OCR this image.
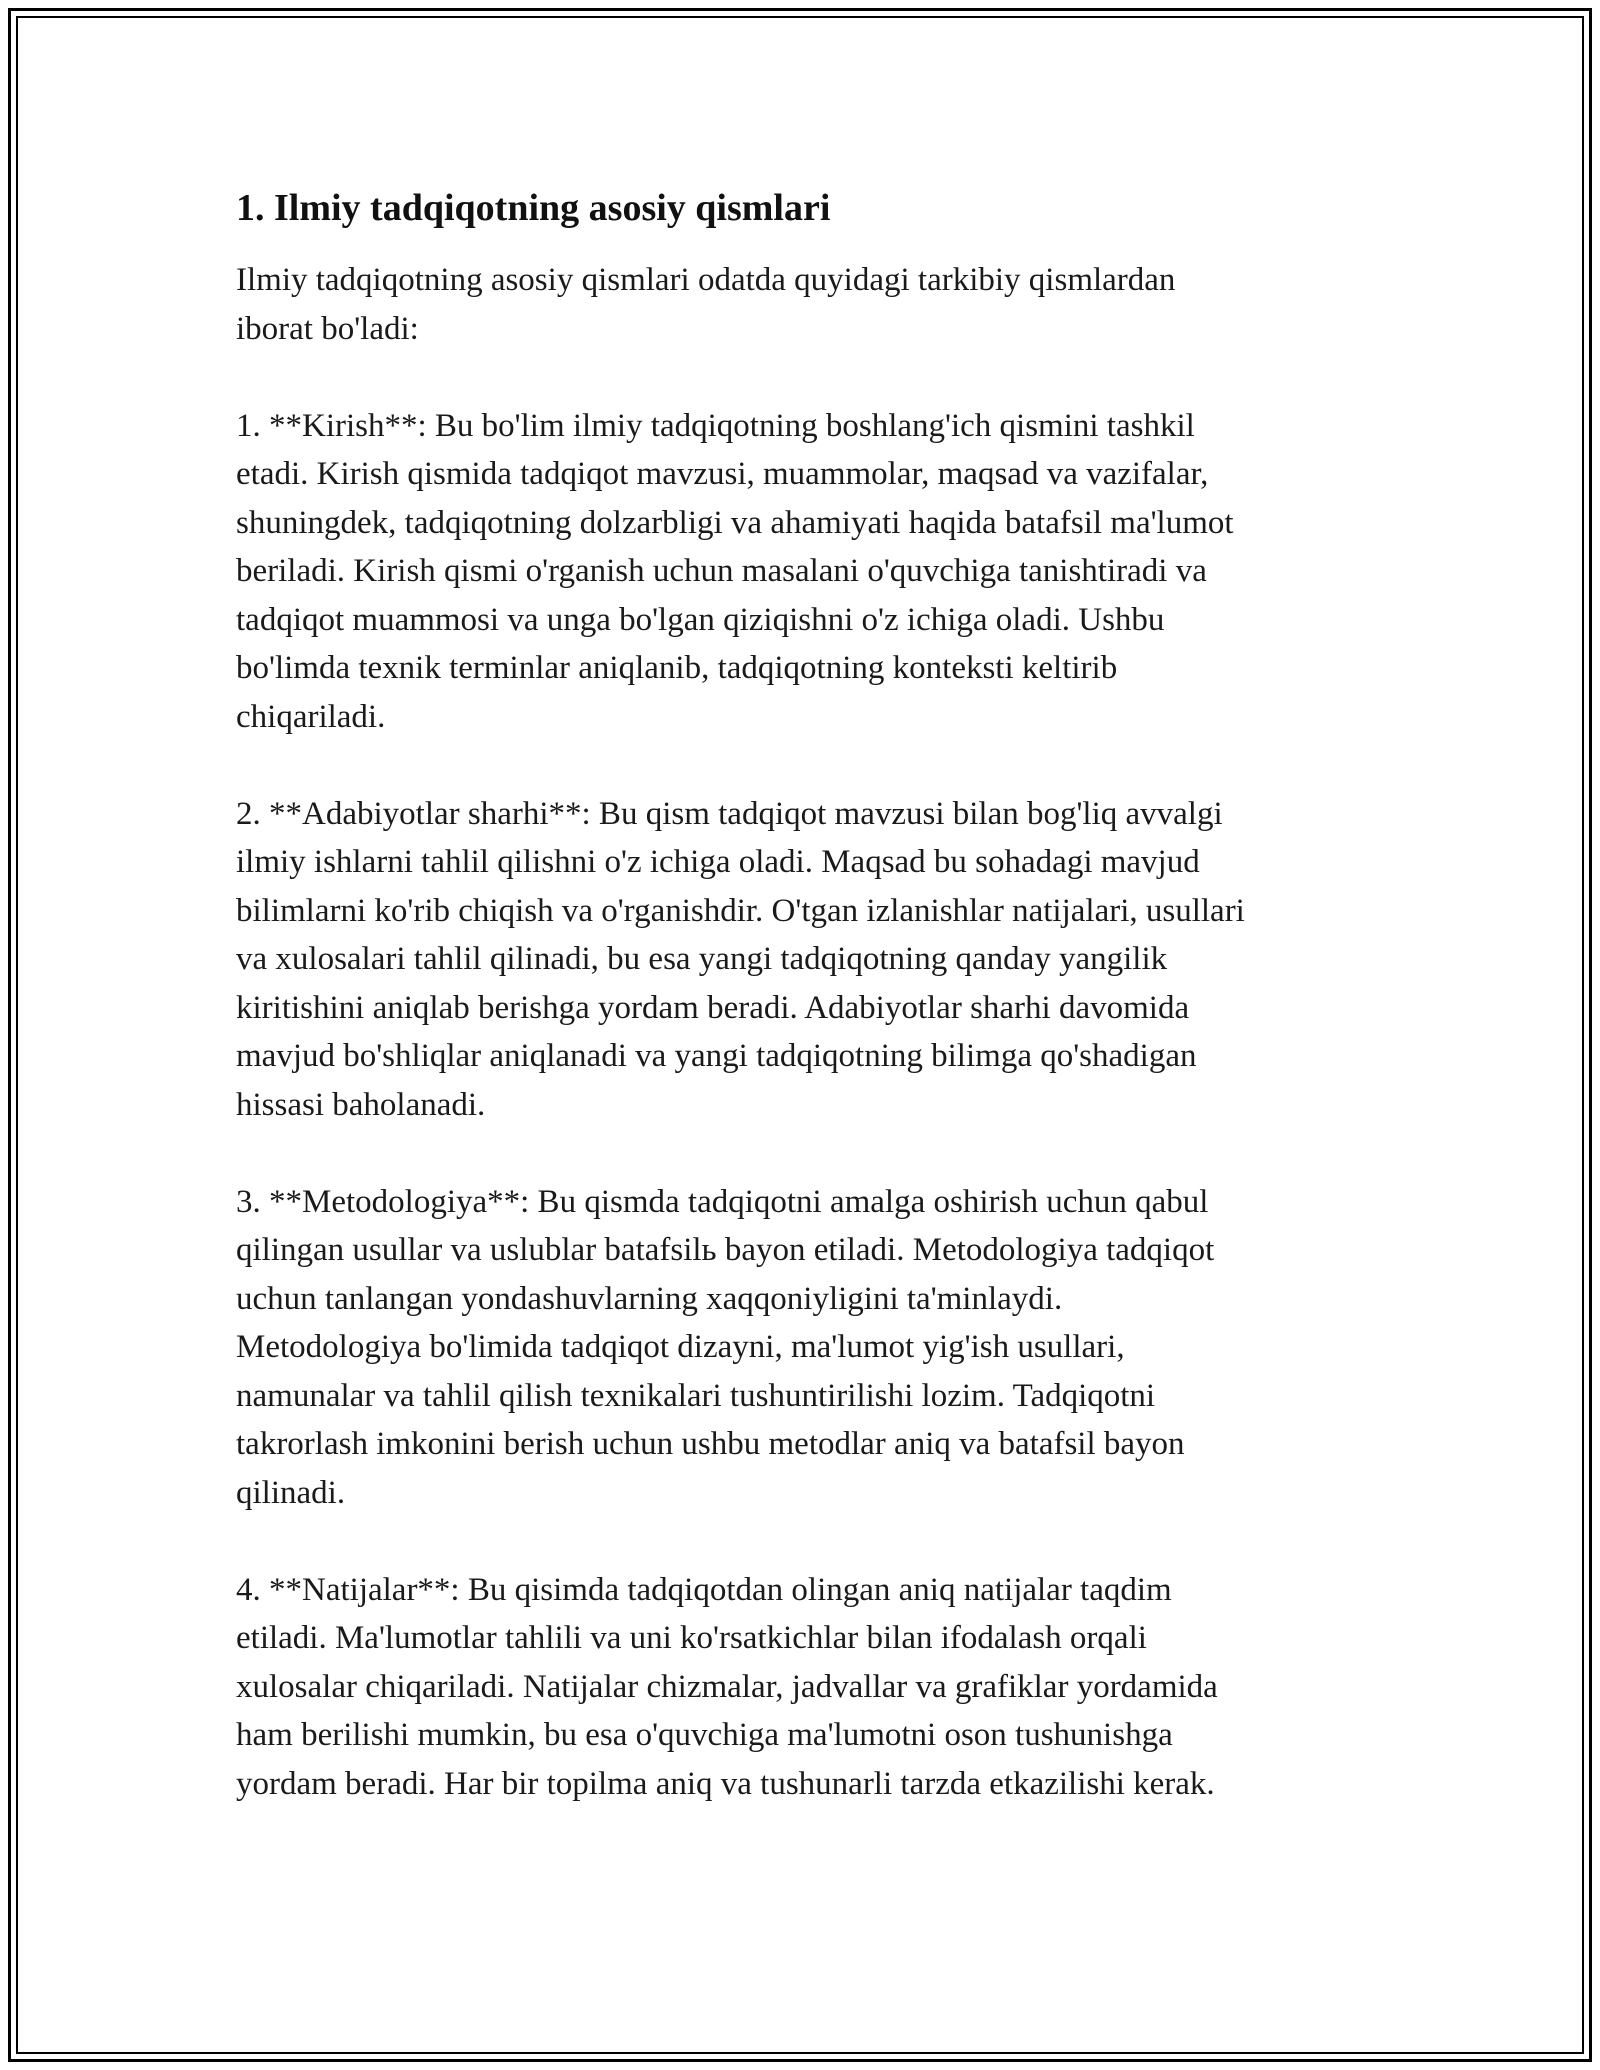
1. Ilmiy tadqiqotning asosiy qismlari

Ilmiy tadqiqotning asosiy qismlari odatda quyidagi tarkibiy qismlardan
iborat bo'ladi:

1. **Kirish**: Bu bo'lim ilmiy tadqiqotning boshlang'ich qismini tashkil
etadi. Kirish qismida tadqiqot mavzusi, muammolar, maqsad va vazifalar,
shuningdek, tadqiqotning dolzarbligi va ahamiyati haqida batafsil ma'lumot
beriladi. Kirish qismi o'rganish uchun masalani o'quvchiga tanishtiradi va
tadqiqot muammosi va unga bo'lgan qiziqishni o'z ichiga oladi. Ushbu
bo'limda texnik terminlar aniqlanib, tadqiqotning konteksti keltirib
chiqariladi.

2. **Adabiyotlar sharhi**: Bu qism tadqiqot mavzusi bilan bog'liq avvalgi
ilmiy ishlarni tahlil qilishni o'z ichiga oladi. Maqsad bu sohadagi mavjud
bilimlarni ko'rib chiqish va o'rganishdir. O'tgan izlanishlar natijalari, usullari
va xulosalari tahlil qilinadi, bu esa yangi tadqiqotning qanday yangilik
kiritishini aniqlab berishga yordam beradi. Adabiyotlar sharhi davomida
mavjud bo'shliqlar aniqlanadi va yangi tadqiqotning bilimga qo'shadigan
hissasi baholanadi.

3. **Metodologiya**: Bu qismda tadqiqotni amalga oshirish uchun qabul
qilingan usullar va uslublar batafsilь bayon etiladi. Metodologiya tadqiqot
uchun tanlangan yondashuvlarning xaqqoniyligini ta'minlaydi.
Metodologiya bo'limida tadqiqot dizayni, ma'lumot yig'ish usullari,
namunalar va tahlil qilish texnikalari tushuntirilishi lozim. Tadqiqotni
takrorlash imkonini berish uchun ushbu metodlar aniq va batafsil bayon
qilinadi.

4. **Natijalar**: Bu qisimda tadqiqotdan olingan aniq natijalar taqdim
etiladi. Ma'lumotlar tahlili va uni ko'rsatkichlar bilan ifodalash orqali
xulosalar chiqariladi. Natijalar chizmalar, jadvallar va grafiklar yordamida
ham berilishi mumkin, bu esa o'quvchiga ma'lumotni oson tushunishga
yordam beradi. Har bir topilma aniq va tushunarli tarzda etkazilishi kerak.
